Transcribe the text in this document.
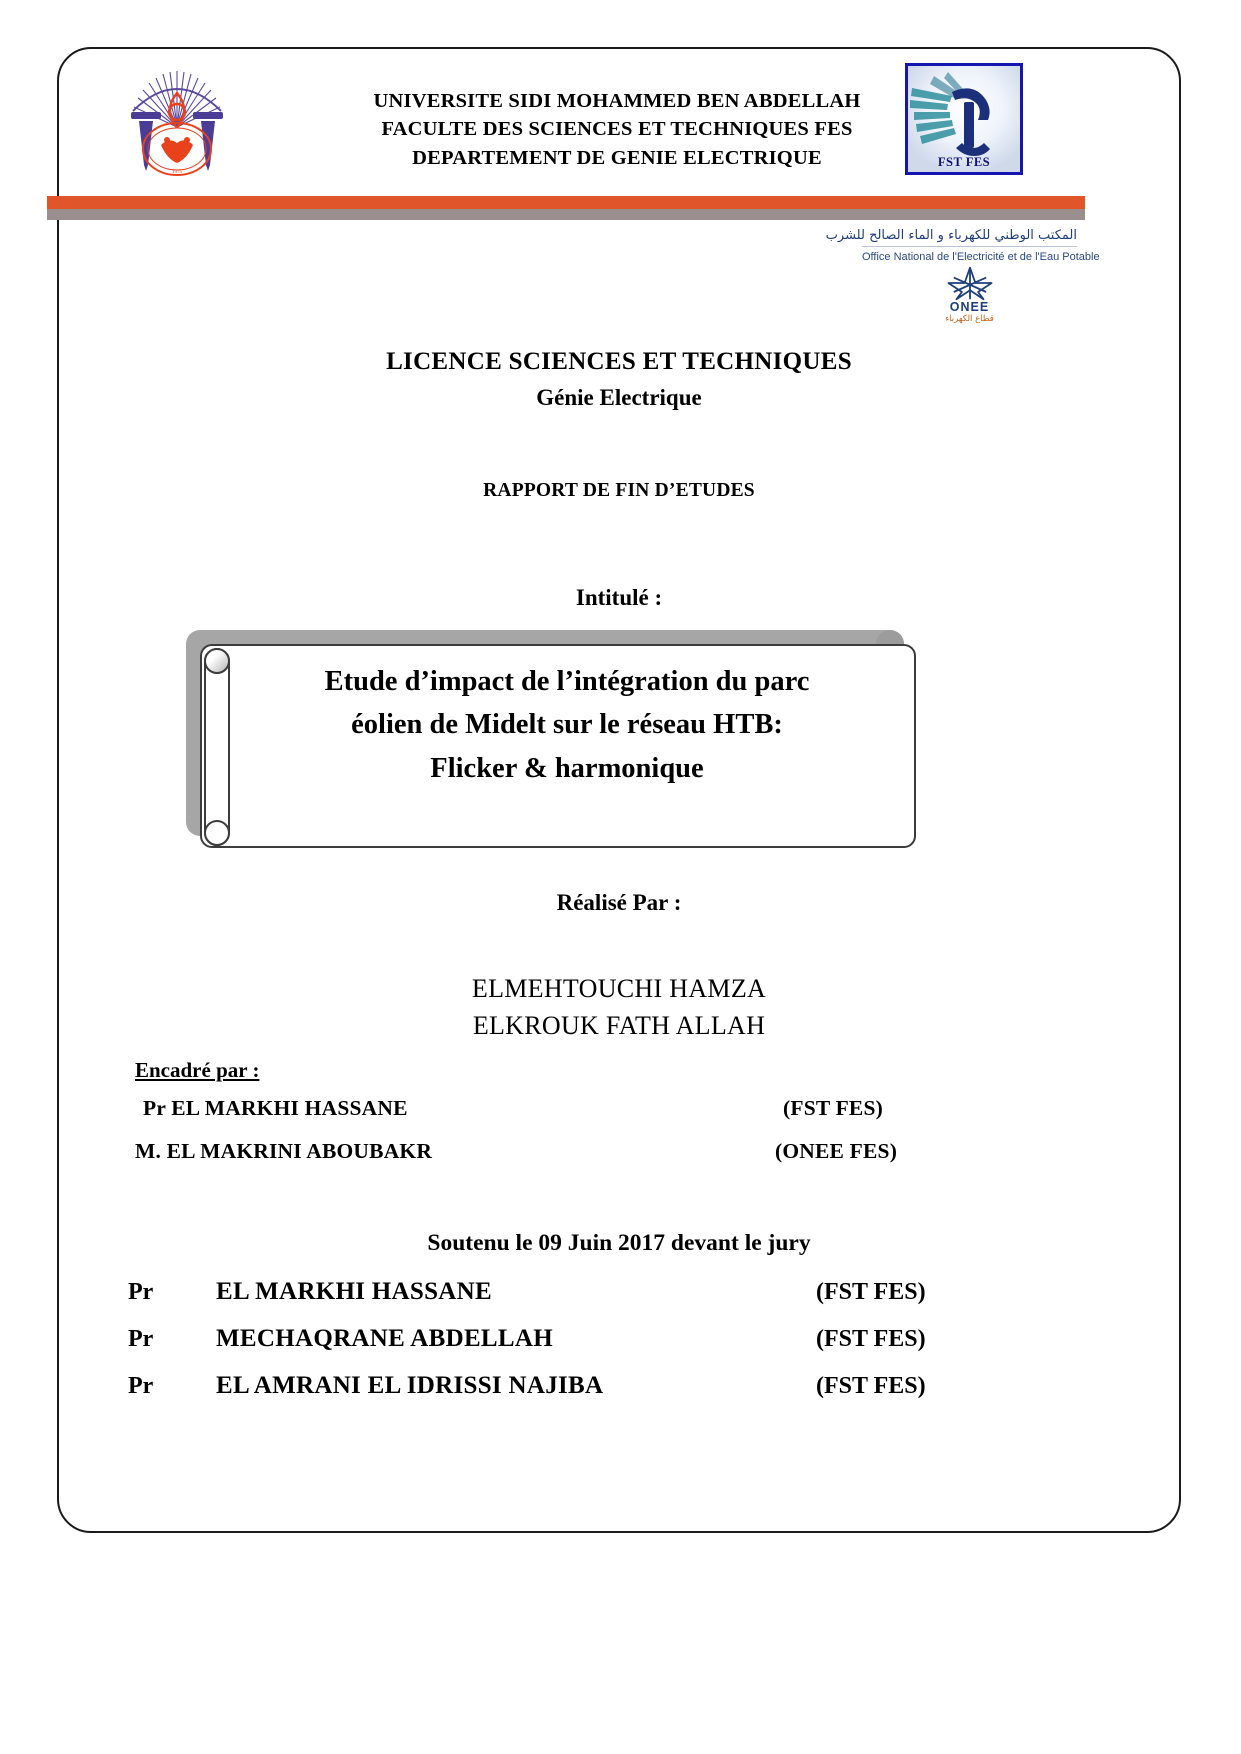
1975
UNIVERSITE SIDI MOHAMMED BEN ABDELLAH
FACULTE DES SCIENCES ET TECHNIQUES FES
DEPARTEMENT DE GENIE ELECTRIQUE	FST FES
المكتب الوطني للكهرباء و الماء الصالح للشرب
Office National de l'Electricité et de l'Eau Potable
ONEE
قطاع الكهرباء
LICENCE SCIENCES ET TECHNIQUES
Génie Electrique
RAPPORT DE FIN D’ETUDES
Intitulé :
Etude d’impact de l’intégration du parc
éolien de Midelt sur le réseau HTB:
Flicker & harmonique
Réalisé Par :
ELMEHTOUCHI HAMZA
ELKROUK FATH ALLAH
Encadré par :
Pr EL MARKHI HASSANE	(FST FES)
M. EL MAKRINI ABOUBAKR	(ONEE FES)
Soutenu le 09 Juin 2017 devant le jury
Pr	EL MARKHI HASSANE	(FST FES)
Pr	MECHAQRANE ABDELLAH	(FST FES)
Pr	EL AMRANI EL IDRISSI NAJIBA	(FST FES)
